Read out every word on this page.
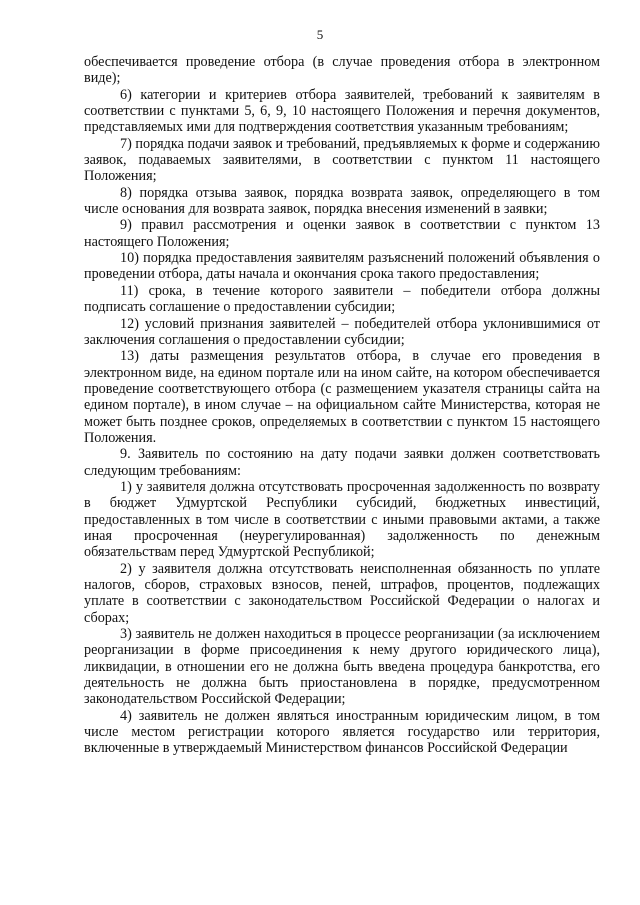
5

обеспечивается проведение отбора (в случае проведения отбора в электронном виде);

6) категории и критериев отбора заявителей, требований к заявителям в соответствии с пунктами 5, 6, 9, 10 настоящего Положения и перечня документов, представляемых ими для подтверждения соответствия указанным требованиям;

7) порядка подачи заявок и требований, предъявляемых к форме и содержанию заявок, подаваемых заявителями, в соответствии с пунктом 11 настоящего Положения;

8) порядка отзыва заявок, порядка возврата заявок, определяющего в том числе основания для возврата заявок, порядка внесения изменений в заявки;

9) правил рассмотрения и оценки заявок в соответствии с пунктом 13 настоящего Положения;

10) порядка предоставления заявителям разъяснений положений объявления о проведении отбора, даты начала и окончания срока такого предоставления;

11) срока, в течение которого заявители – победители отбора должны подписать соглашение о предоставлении субсидии;

12) условий признания заявителей – победителей отбора уклонившимися от заключения соглашения о предоставлении субсидии;

13) даты размещения результатов отбора, в случае его проведения в электронном виде, на едином портале или на ином сайте, на котором обеспечивается проведение соответствующего отбора (с размещением указателя страницы сайта на едином портале), в ином случае – на официальном сайте Министерства, которая не может быть позднее сроков, определяемых в соответствии с пунктом 15 настоящего Положения.

9. Заявитель по состоянию на дату подачи заявки должен соответствовать следующим требованиям:

1) у заявителя должна отсутствовать просроченная задолженность по возврату в бюджет Удмуртской Республики субсидий, бюджетных инвестиций, предоставленных в том числе в соответствии с иными правовыми актами, а также иная просроченная (неурегулированная) задолженность по денежным обязательствам перед Удмуртской Республикой;

2) у заявителя должна отсутствовать неисполненная обязанность по уплате налогов, сборов, страховых взносов, пеней, штрафов, процентов, подлежащих уплате в соответствии с законодательством Российской Федерации о налогах и сборах;

3) заявитель не должен находиться в процессе реорганизации (за исключением реорганизации в форме присоединения к нему другого юридического лица), ликвидации, в отношении его не должна быть введена процедура банкротства, его деятельность не должна быть приостановлена в порядке, предусмотренном законодательством Российской Федерации;

4) заявитель не должен являться иностранным юридическим лицом, в том числе местом регистрации которого является государство или территория, включенные в утверждаемый Министерством финансов Российской Федерации
